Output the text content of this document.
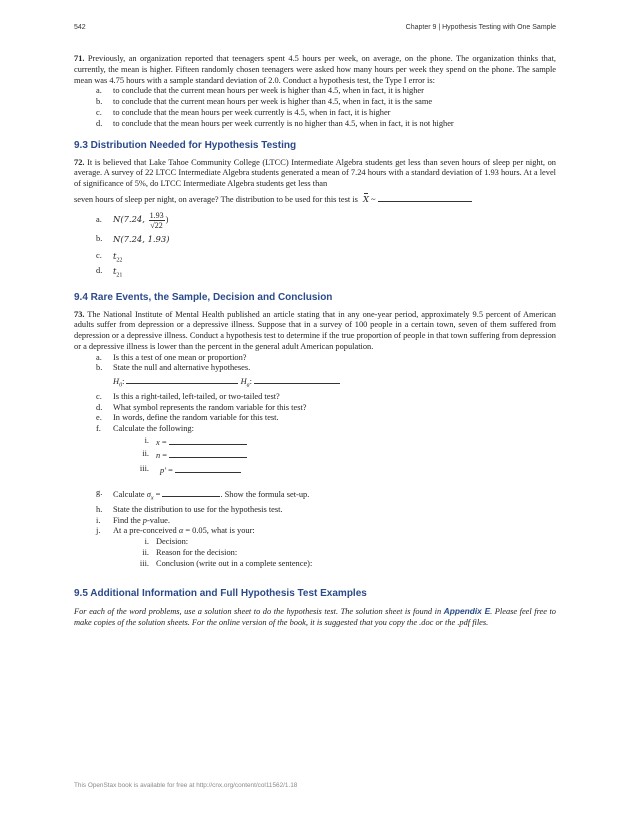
542	Chapter 9 | Hypothesis Testing with One Sample

71. Previously, an organization reported that teenagers spent 4.5 hours per week, on average, on the phone. The organization thinks that, currently, the mean is higher. Fifteen randomly chosen teenagers were asked how many hours per week they spend on the phone. The sample mean was 4.75 hours with a sample standard deviation of 2.0. Conduct a hypothesis test, the Type I error is:

a. to conclude that the current mean hours per week is higher than 4.5, when in fact, it is higher
b. to conclude that the current mean hours per week is higher than 4.5, when in fact, it is the same
c. to conclude that the mean hours per week currently is 4.5, when in fact, it is higher
d. to conclude that the mean hours per week currently is no higher than 4.5, when in fact, it is not higher
9.3 Distribution Needed for Hypothesis Testing

72. It is believed that Lake Tahoe Community College (LTCC) Intermediate Algebra students get less than seven hours of sleep per night, on average. A survey of 22 LTCC Intermediate Algebra students generated a mean of 7.24 hours with a standard deviation of 1.93 hours. At a level of significance of 5%, do LTCC Intermediate Algebra students get less than

seven hours of sleep per night, on average? The distribution to be used for this test is X ~

a. N(7.24, $\frac{1.93}{√22}$ )
b. N(7.24, 1.93)
c. $t_{22}$
d. $t_{21}$
9.4 Rare Events, the Sample, Decision and Conclusion

73. The National Institute of Mental Health published an article stating that in any one-year period, approximately 9.5 percent of American adults suffer from depression or a depressive illness. Suppose that in a survey of 100 people in a certain town, seven of them suffered from depression or a depressive illness. Conduct a hypothesis test to determine if the true proportion of people in that town suffering from depression or a depressive illness is lower than the percent in the general adult American population.

a. Is this a test of one mean or proportion?
b. State the null and alternative hypotheses.
$H_0$:	$H_a$:
c. Is this a right-tailed, left-tailed, or two-tailed test?
d. What symbol represents the random variable for this test?
e. In words, define the random variable for this test.
f. Calculate the following:
i. x =
ii. n =
iii. p′ =
g. Calculate $\sigma_x$ =	. Show the formula set-up.
h. State the distribution to use for the hypothesis test.
i. Find the p-value.
j. At a pre-conceived α = 0.05, what is your:
i. Decision:
ii. Reason for the decision:
iii. Conclusion (write out in a complete sentence):
9.5 Additional Information and Full Hypothesis Test Examples

For each of the word problems, use a solution sheet to do the hypothesis test. The solution sheet is found in Appendix E. Please feel free to make copies of the solution sheets. For the online version of the book, it is suggested that you copy the .doc or the .pdf files.

This OpenStax book is available for free at http://cnx.org/content/col11562/1.18
